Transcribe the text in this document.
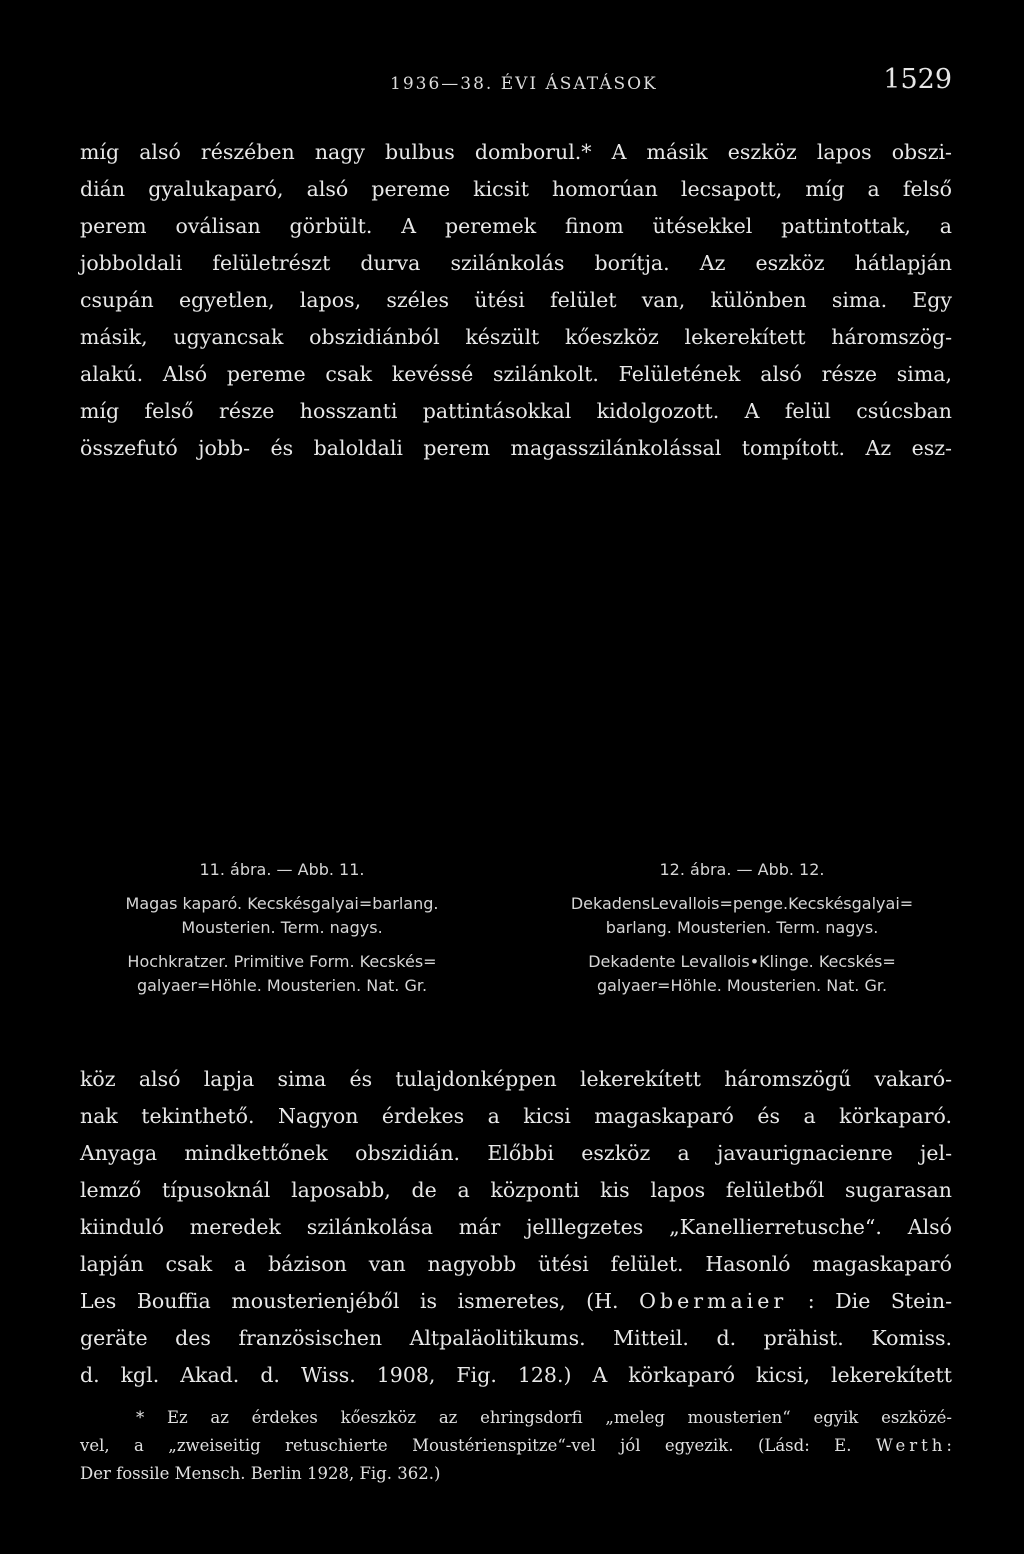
1936—38. ÉVI ÁSATÁSOK	1529

míg alsó részében nagy bulbus domborul.* A másik eszköz lapos obszi-
dián gyalukaparó, alsó pereme kicsit homorúan lecsapott, míg a felső
perem oválisan görbült. A peremek finom ütésekkel pattintottak, a
jobboldali felületrészt durva szilánkolás borítja. Az eszköz hátlapján
csupán egyetlen, lapos, széles ütési felület van, különben sima. Egy
másik, ugyancsak obszidiánból készült kőeszköz lekerekített háromszög-
alakú. Alsó pereme csak kevéssé szilánkolt. Felületének alsó része sima,
míg felső része hosszanti pattintásokkal kidolgozott. A felül csúcsban
összefutó jobb- és baloldali perem magasszilánkolással tompított. Az esz-

11. ábra. — Abb. 11.
Magas kaparó. Kecskésgalyai=barlang.
Mousterien. Term. nagys.
Hochkratzer. Primitive Form. Kecskés=
galyaer=Höhle. Mousterien. Nat. Gr.
12. ábra. — Abb. 12.
DekadensLevallois=penge.Kecskésgalyai=
barlang. Mousterien. Term. nagys.
Dekadente Levallois•Klinge. Kecskés=
galyaer=Höhle. Mousterien. Nat. Gr.

köz alsó lapja sima és tulajdonképpen lekerekített háromszögű vakaró-
nak tekinthető. Nagyon érdekes a kicsi magaskaparó és a körkaparó.
Anyaga mindkettőnek obszidián. Előbbi eszköz a javaurignacienre jel-
lemző típusoknál laposabb, de a központi kis lapos felületből sugarasan
kiinduló meredek szilánkolása már jelllegzetes „Kanellierretusche“. Alsó
lapján csak a bázison van nagyobb ütési felület. Hasonló magaskaparó
Les Bouffia mousterienjéből is ismeretes, (H. Obermaier : Die Stein-
geräte des französischen Altpaläolitikums. Mitteil. d. prähist. Komiss.
d. kgl. Akad. d. Wiss. 1908, Fig. 128.) A körkaparó kicsi, lekerekített

* Ez az érdekes kőeszköz az ehringsdorfi „meleg mousterien“ egyik eszközé-
vel, a „zweiseitig retuschierte Moustérienspitze“-vel jól egyezik. (Lásd: E. Werth:
Der fossile Mensch. Berlin 1928, Fig. 362.)
